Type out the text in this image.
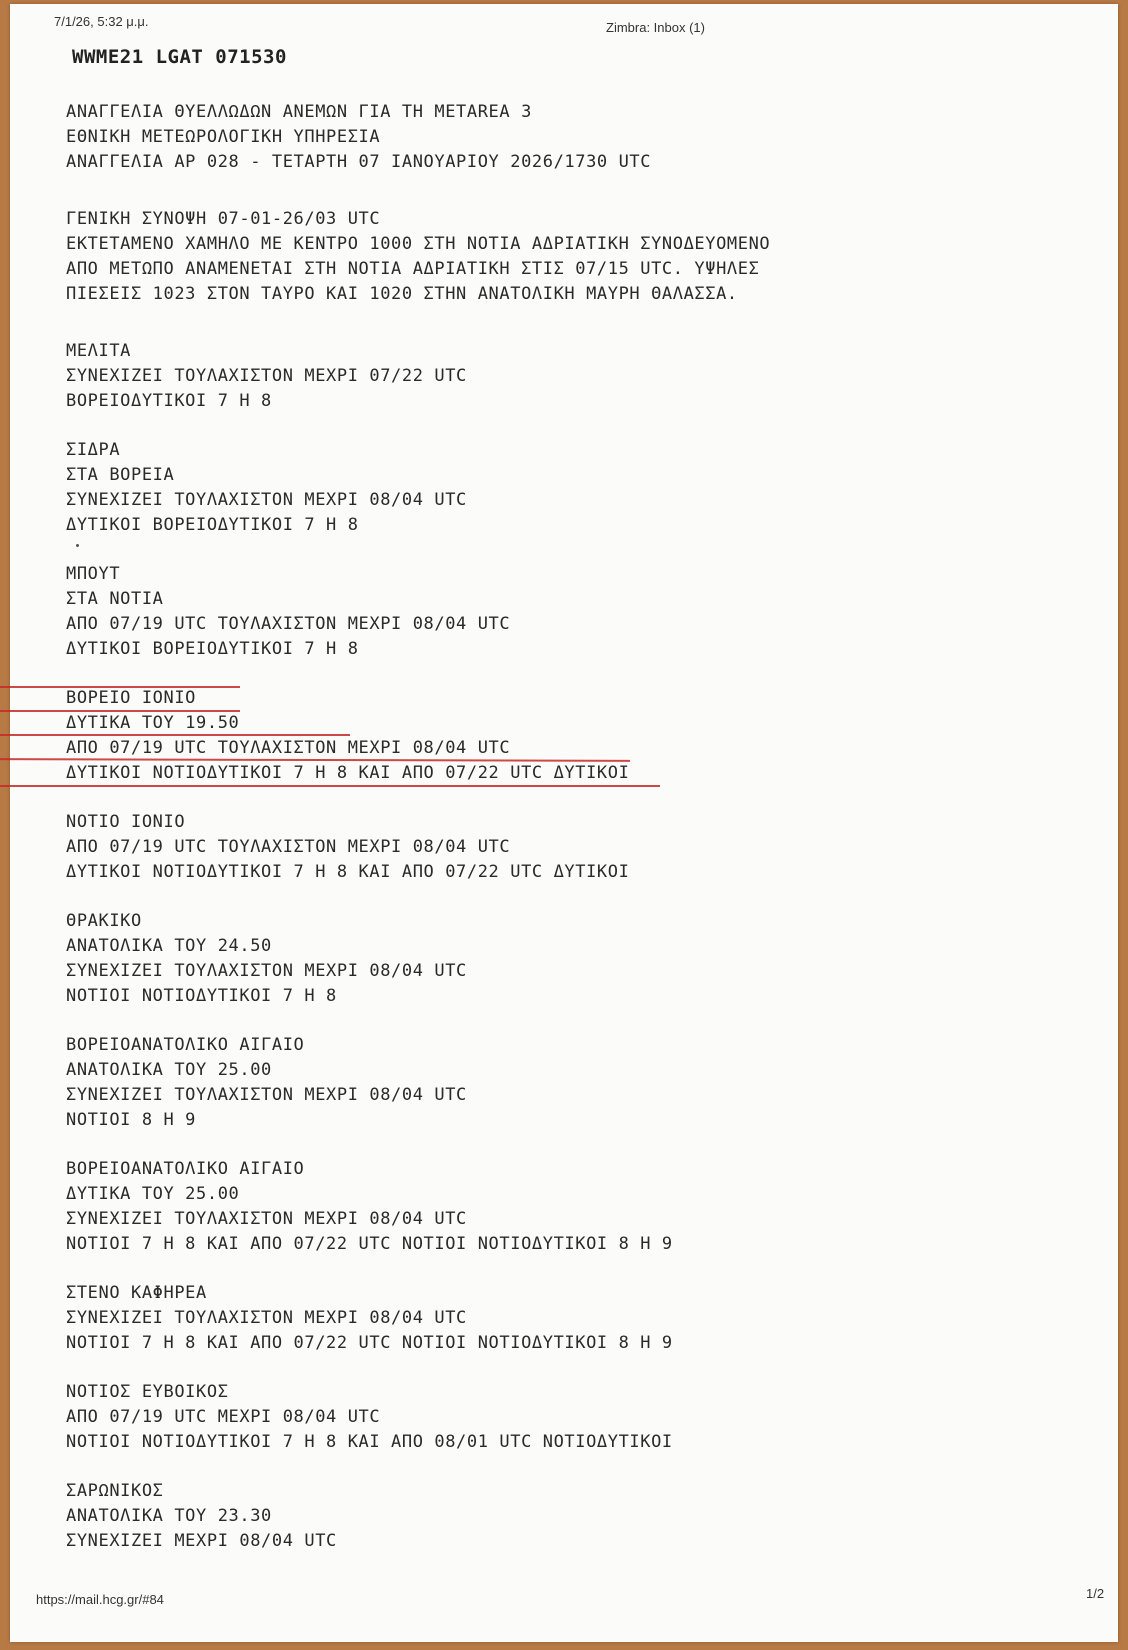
7/1/26, 5:32 μ.μ.	Zimbra: Inbox (1)
WWME21 LGAT 071530
ΑΝΑΓΓΕΛΙΑ ΘΥΕΛΛΩΔΩΝ ΑΝΕΜΩΝ ΓΙΑ ΤΗ METAREA 3
ΕΘΝΙΚΗ ΜΕΤΕΩΡΟΛΟΓΙΚΗ ΥΠΗΡΕΣΙΑ
ΑΝΑΓΓΕΛΙΑ ΑΡ 028 - ΤΕΤΑΡΤΗ 07 ΙΑΝΟΥΑΡΙΟΥ 2026/1730 UTC
ΓΕΝΙΚΗ ΣΥΝΟΨΗ 07-01-26/03 UTC
ΕΚΤΕΤΑΜΕΝΟ ΧΑΜΗΛΟ ΜΕ ΚΕΝΤΡΟ 1000 ΣΤΗ ΝΟΤΙΑ ΑΔΡΙΑΤΙΚΗ ΣΥΝΟΔΕΥΟΜΕΝΟ
ΑΠΟ ΜΕΤΩΠΟ ΑΝΑΜΕΝΕΤΑΙ ΣΤΗ ΝΟΤΙΑ ΑΔΡΙΑΤΙΚΗ ΣΤΙΣ 07/15 UTC. ΥΨΗΛΕΣ
ΠΙΕΣΕΙΣ 1023 ΣΤΟΝ ΤΑΥΡΟ ΚΑΙ 1020 ΣΤΗΝ ΑΝΑΤΟΛΙΚΗ ΜΑΥΡΗ ΘΑΛΑΣΣΑ.
ΜΕΛΙΤΑ
ΣΥΝΕΧΙΖΕΙ ΤΟΥΛΑΧΙΣΤΟΝ ΜΕΧΡΙ 07/22 UTC
ΒΟΡΕΙΟΔΥΤΙΚΟΙ 7 Η 8
ΣΙΔΡΑ
ΣΤΑ ΒΟΡΕΙΑ
ΣΥΝΕΧΙΖΕΙ ΤΟΥΛΑΧΙΣΤΟΝ ΜΕΧΡΙ 08/04 UTC
ΔΥΤΙΚΟΙ ΒΟΡΕΙΟΔΥΤΙΚΟΙ 7 Η 8
ΜΠΟΥΤ
ΣΤΑ ΝΟΤΙΑ
ΑΠΟ 07/19 UTC ΤΟΥΛΑΧΙΣΤΟΝ ΜΕΧΡΙ 08/04 UTC
ΔΥΤΙΚΟΙ ΒΟΡΕΙΟΔΥΤΙΚΟΙ 7 Η 8
ΒΟΡΕΙΟ ΙΟΝΙΟ
ΔΥΤΙΚΑ ΤΟΥ 19.50
ΑΠΟ 07/19 UTC ΤΟΥΛΑΧΙΣΤΟΝ ΜΕΧΡΙ 08/04 UTC
ΔΥΤΙΚΟΙ ΝΟΤΙΟΔΥΤΙΚΟΙ 7 Η 8 ΚΑΙ ΑΠΟ 07/22 UTC ΔΥΤΙΚΟΙ
ΝΟΤΙΟ ΙΟΝΙΟ
ΑΠΟ 07/19 UTC ΤΟΥΛΑΧΙΣΤΟΝ ΜΕΧΡΙ 08/04 UTC
ΔΥΤΙΚΟΙ ΝΟΤΙΟΔΥΤΙΚΟΙ 7 Η 8 ΚΑΙ ΑΠΟ 07/22 UTC ΔΥΤΙΚΟΙ
ΘΡΑΚΙΚΟ
ΑΝΑΤΟΛΙΚΑ ΤΟΥ 24.50
ΣΥΝΕΧΙΖΕΙ ΤΟΥΛΑΧΙΣΤΟΝ ΜΕΧΡΙ 08/04 UTC
ΝΟΤΙΟΙ ΝΟΤΙΟΔΥΤΙΚΟΙ 7 Η 8
ΒΟΡΕΙΟΑΝΑΤΟΛΙΚΟ ΑΙΓΑΙΟ
ΑΝΑΤΟΛΙΚΑ ΤΟΥ 25.00
ΣΥΝΕΧΙΖΕΙ ΤΟΥΛΑΧΙΣΤΟΝ ΜΕΧΡΙ 08/04 UTC
ΝΟΤΙΟΙ 8 Η 9
ΒΟΡΕΙΟΑΝΑΤΟΛΙΚΟ ΑΙΓΑΙΟ
ΔΥΤΙΚΑ ΤΟΥ 25.00
ΣΥΝΕΧΙΖΕΙ ΤΟΥΛΑΧΙΣΤΟΝ ΜΕΧΡΙ 08/04 UTC
ΝΟΤΙΟΙ 7 Η 8 ΚΑΙ ΑΠΟ 07/22 UTC ΝΟΤΙΟΙ ΝΟΤΙΟΔΥΤΙΚΟΙ 8 Η 9
ΣΤΕΝΟ ΚΑΦΗΡΕΑ
ΣΥΝΕΧΙΖΕΙ ΤΟΥΛΑΧΙΣΤΟΝ ΜΕΧΡΙ 08/04 UTC
ΝΟΤΙΟΙ 7 Η 8 ΚΑΙ ΑΠΟ 07/22 UTC ΝΟΤΙΟΙ ΝΟΤΙΟΔΥΤΙΚΟΙ 8 Η 9
ΝΟΤΙΟΣ ΕΥΒΟΙΚΟΣ
ΑΠΟ 07/19 UTC ΜΕΧΡΙ 08/04 UTC
ΝΟΤΙΟΙ ΝΟΤΙΟΔΥΤΙΚΟΙ 7 Η 8 ΚΑΙ ΑΠΟ 08/01 UTC ΝΟΤΙΟΔΥΤΙΚΟΙ
ΣΑΡΩΝΙΚΟΣ
ΑΝΑΤΟΛΙΚΑ ΤΟΥ 23.30
ΣΥΝΕΧΙΖΕΙ ΜΕΧΡΙ 08/04 UTC
https://mail.hcg.gr/#84	1/2
